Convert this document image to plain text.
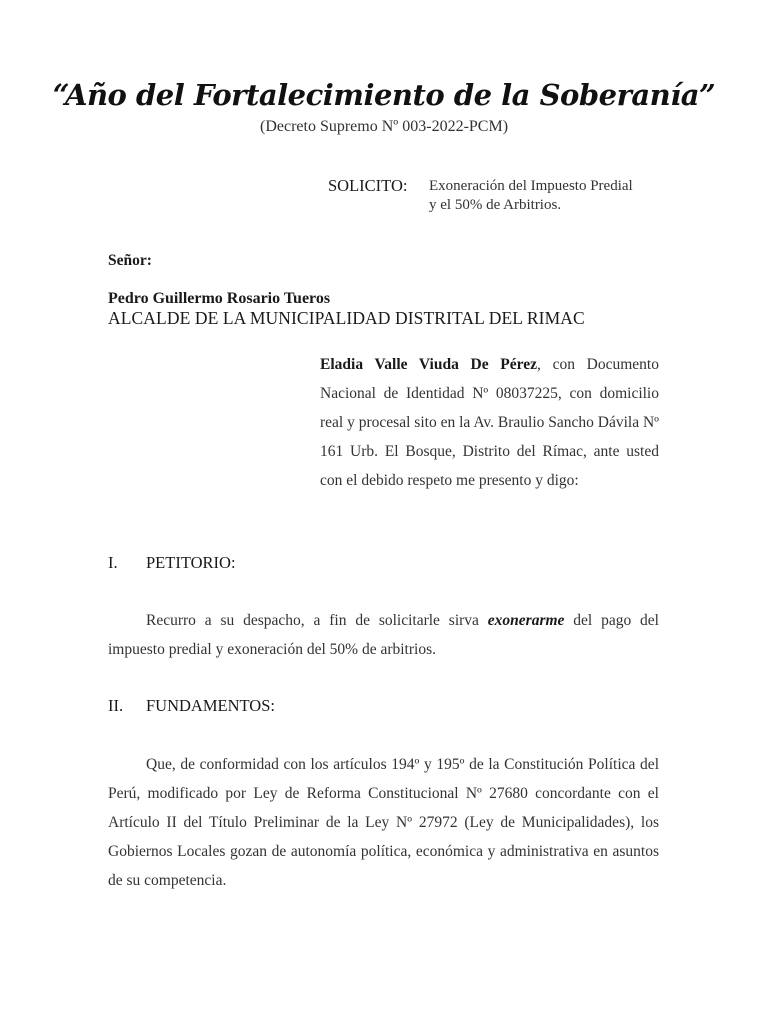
“Año del Fortalecimiento de la Soberanía”
(Decreto Supremo Nº 003-2022-PCM)
SOLICITO: Exoneración del Impuesto Predial
y el 50% de Arbitrios.
Señor:
Pedro Guillermo Rosario Tueros
ALCALDE DE LA MUNICIPALIDAD DISTRITAL DEL RIMAC
Eladia Valle Viuda De Pérez, con Documento Nacional de Identidad Nº 08037225, con domicilio real y procesal sito en la Av. Braulio Sancho Dávila Nº 161 Urb. El Bosque, Distrito del Rímac, ante usted con el debido respeto me presento y digo:
I. PETITORIO:
Recurro a su despacho, a fin de solicitarle sirva exonerarme del pago del impuesto predial y exoneración del 50% de arbitrios.
II. FUNDAMENTOS:
Que, de conformidad con los artículos 194º y 195º de la Constitución Política del Perú, modificado por Ley de Reforma Constitucional Nº 27680 concordante con el Artículo II del Título Preliminar de la Ley Nº 27972 (Ley de Municipalidades), los Gobiernos Locales gozan de autonomía política, económica y administrativa en asuntos de su competencia.
